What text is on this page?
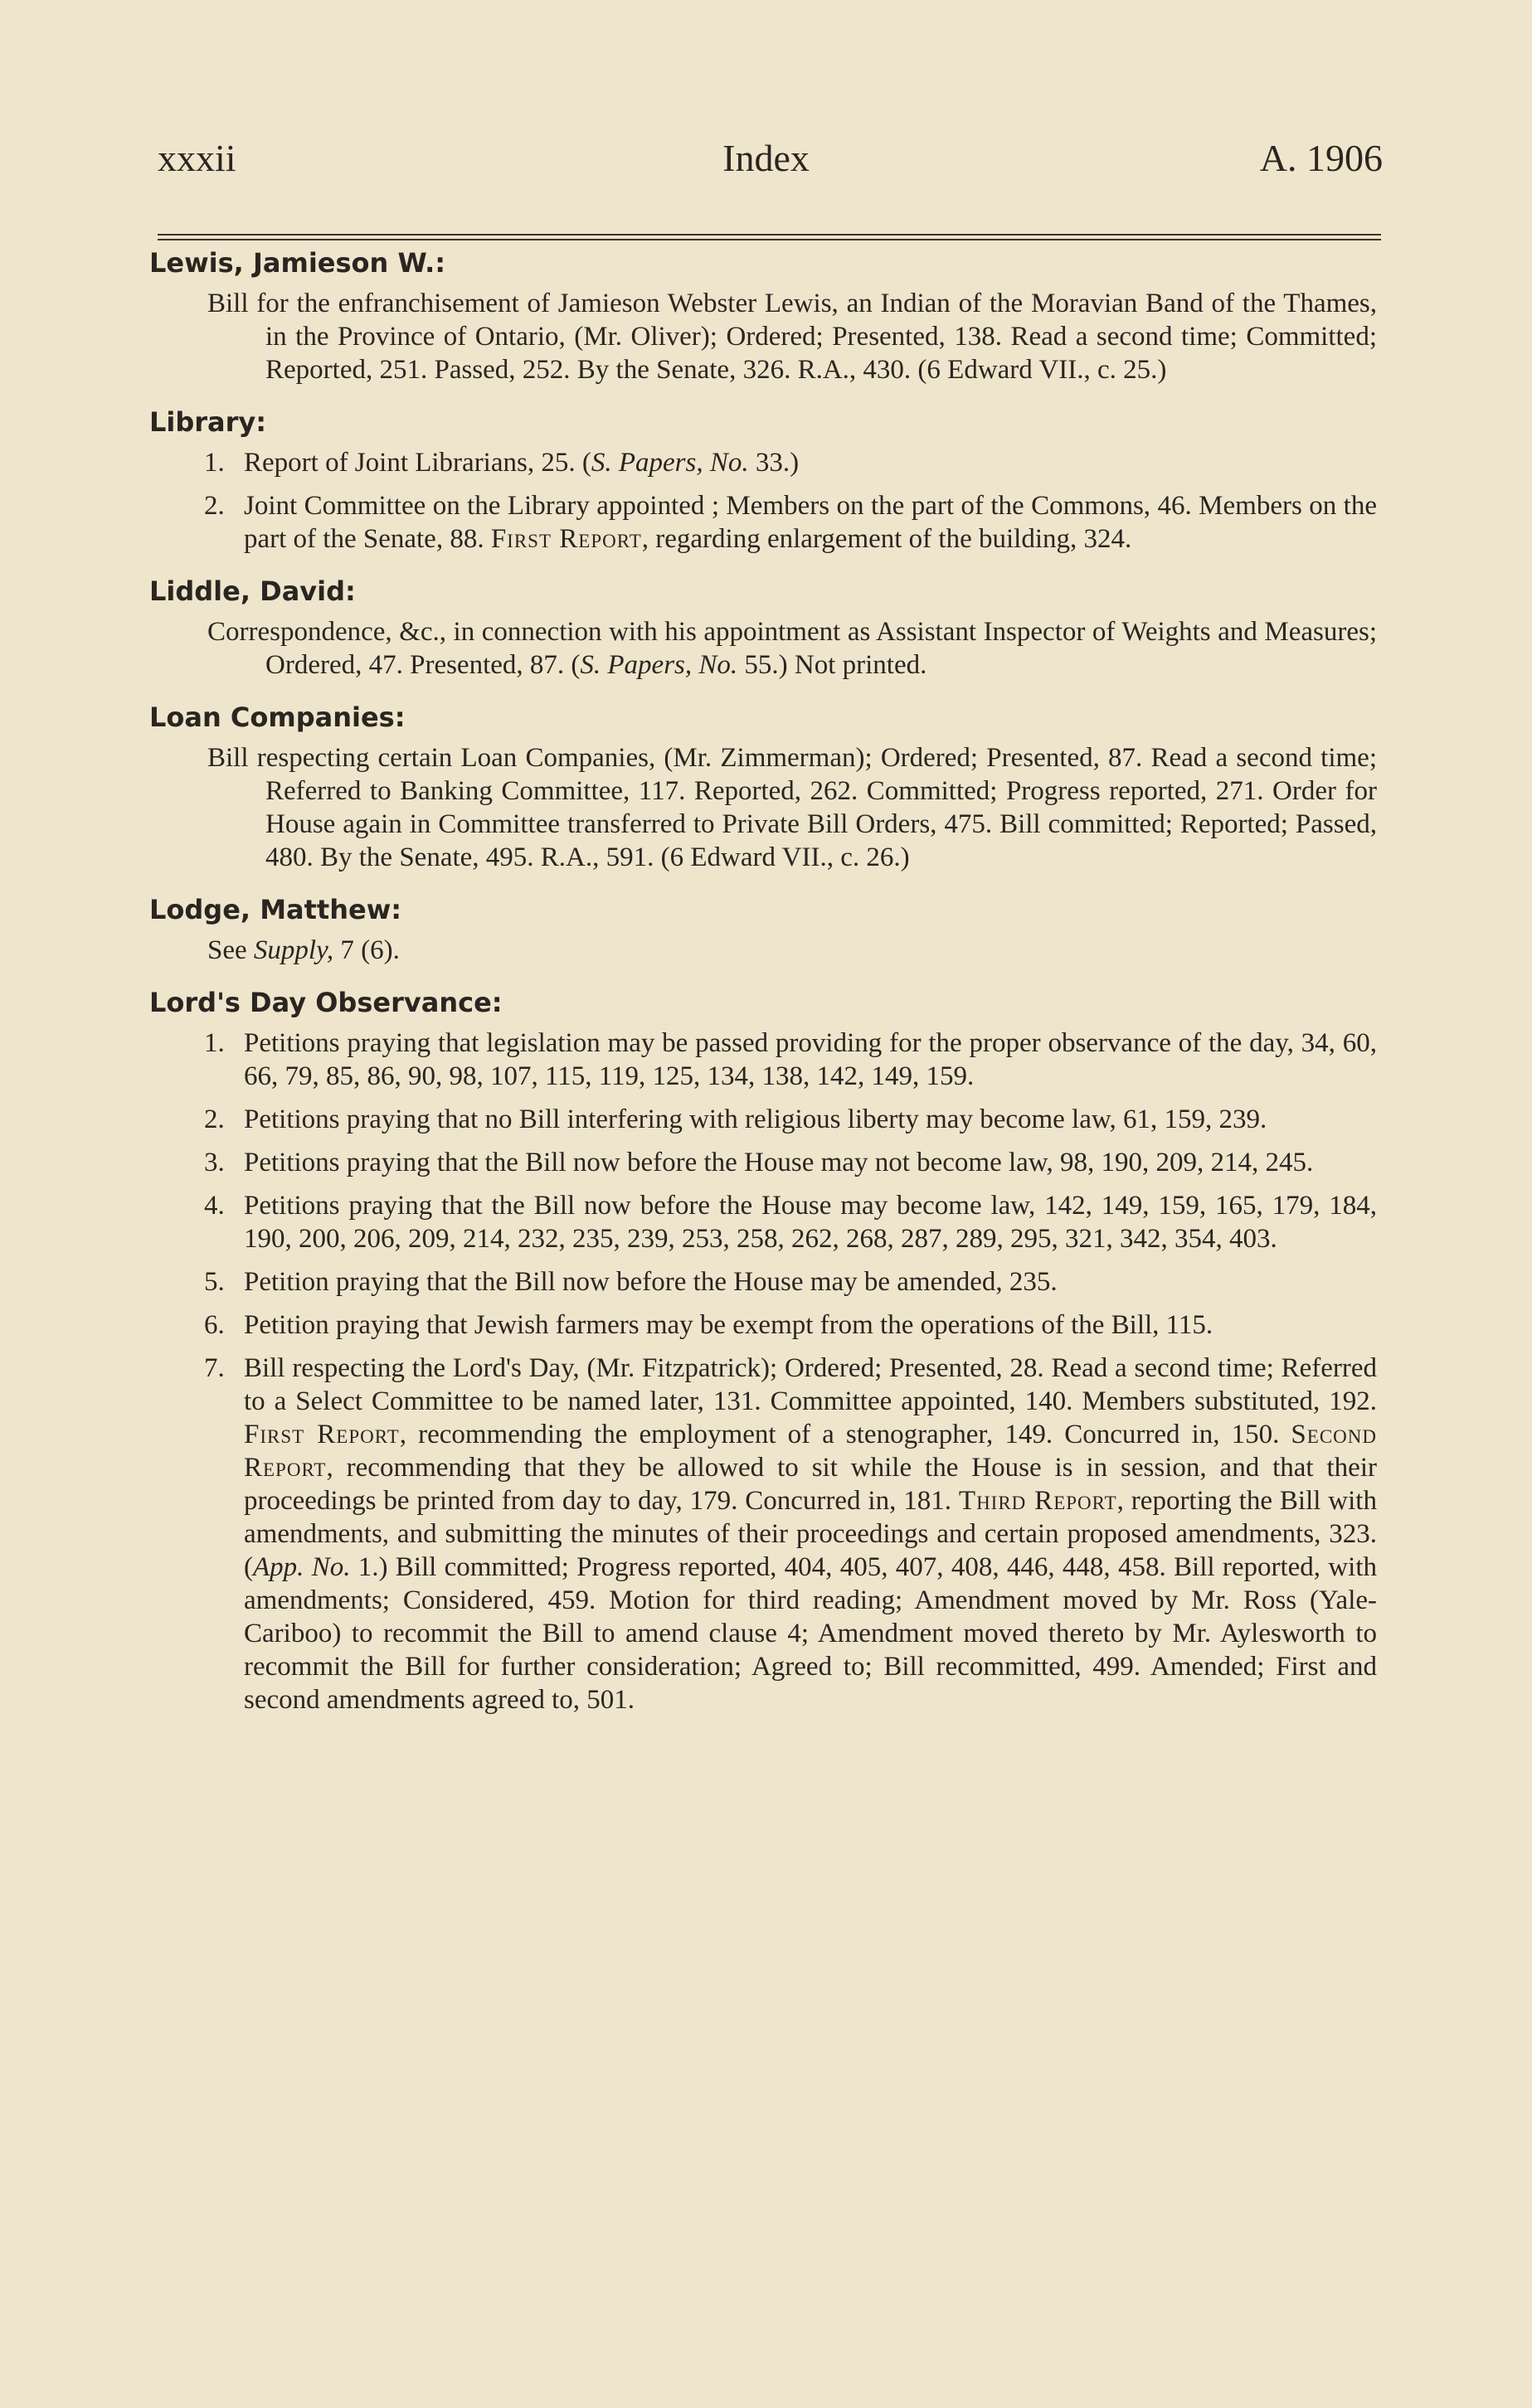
xxxii	Index	A. 1906
Lewis, Jamieson W.:
Bill for the enfranchisement of Jamieson Webster Lewis, an Indian of the Moravian Band of the Thames, in the Province of Ontario, (Mr. Oliver); Ordered; Presented, 138. Read a second time; Committed; Reported, 251. Passed, 252. By the Senate, 326. R.A., 430. (6 Edward VII., c. 25.)
Library:
1. Report of Joint Librarians, 25. (S. Papers, No. 33.)
2. Joint Committee on the Library appointed ; Members on the part of the Commons, 46. Members on the part of the Senate, 88. First Report, regarding enlargement of the building, 324.
Liddle, David:
Correspondence, &c., in connection with his appointment as Assistant Inspector of Weights and Measures; Ordered, 47. Presented, 87. (S. Papers, No. 55.) Not printed.
Loan Companies:
Bill respecting certain Loan Companies, (Mr. Zimmerman); Ordered; Presented, 87. Read a second time; Referred to Banking Committee, 117. Reported, 262. Committed; Progress reported, 271. Order for House again in Committee transferred to Private Bill Orders, 475. Bill committed; Reported; Passed, 480. By the Senate, 495. R.A., 591. (6 Edward VII., c. 26.)
Lodge, Matthew:
See Supply, 7 (6).
Lord's Day Observance:
1. Petitions praying that legislation may be passed providing for the proper observance of the day, 34, 60, 66, 79, 85, 86, 90, 98, 107, 115, 119, 125, 134, 138, 142, 149, 159.
2. Petitions praying that no Bill interfering with religious liberty may become law, 61, 159, 239.
3. Petitions praying that the Bill now before the House may not become law, 98, 190, 209, 214, 245.
4. Petitions praying that the Bill now before the House may become law, 142, 149, 159, 165, 179, 184, 190, 200, 206, 209, 214, 232, 235, 239, 253, 258, 262, 268, 287, 289, 295, 321, 342, 354, 403.
5. Petition praying that the Bill now before the House may be amended, 235.
6. Petition praying that Jewish farmers may be exempt from the operations of the Bill, 115.
7. Bill respecting the Lord's Day, (Mr. Fitzpatrick); Ordered; Presented, 28. Read a second time; Referred to a Select Committee to be named later, 131. Committee appointed, 140. Members substituted, 192. First Report, recommending the employment of a stenographer, 149. Concurred in, 150. Second Report, recommending that they be allowed to sit while the House is in session, and that their proceedings be printed from day to day, 179. Concurred in, 181. Third Report, reporting the Bill with amendments, and submitting the minutes of their proceedings and certain proposed amendments, 323. (App. No. 1.) Bill committed; Progress reported, 404, 405, 407, 408, 446, 448, 458. Bill reported, with amendments; Considered, 459. Motion for third reading; Amendment moved by Mr. Ross (Yale-Cariboo) to recommit the Bill to amend clause 4; Amendment moved thereto by Mr. Aylesworth to recommit the Bill for further consideration; Agreed to; Bill recommitted, 499. Amended; First and second amendments agreed to, 501.
